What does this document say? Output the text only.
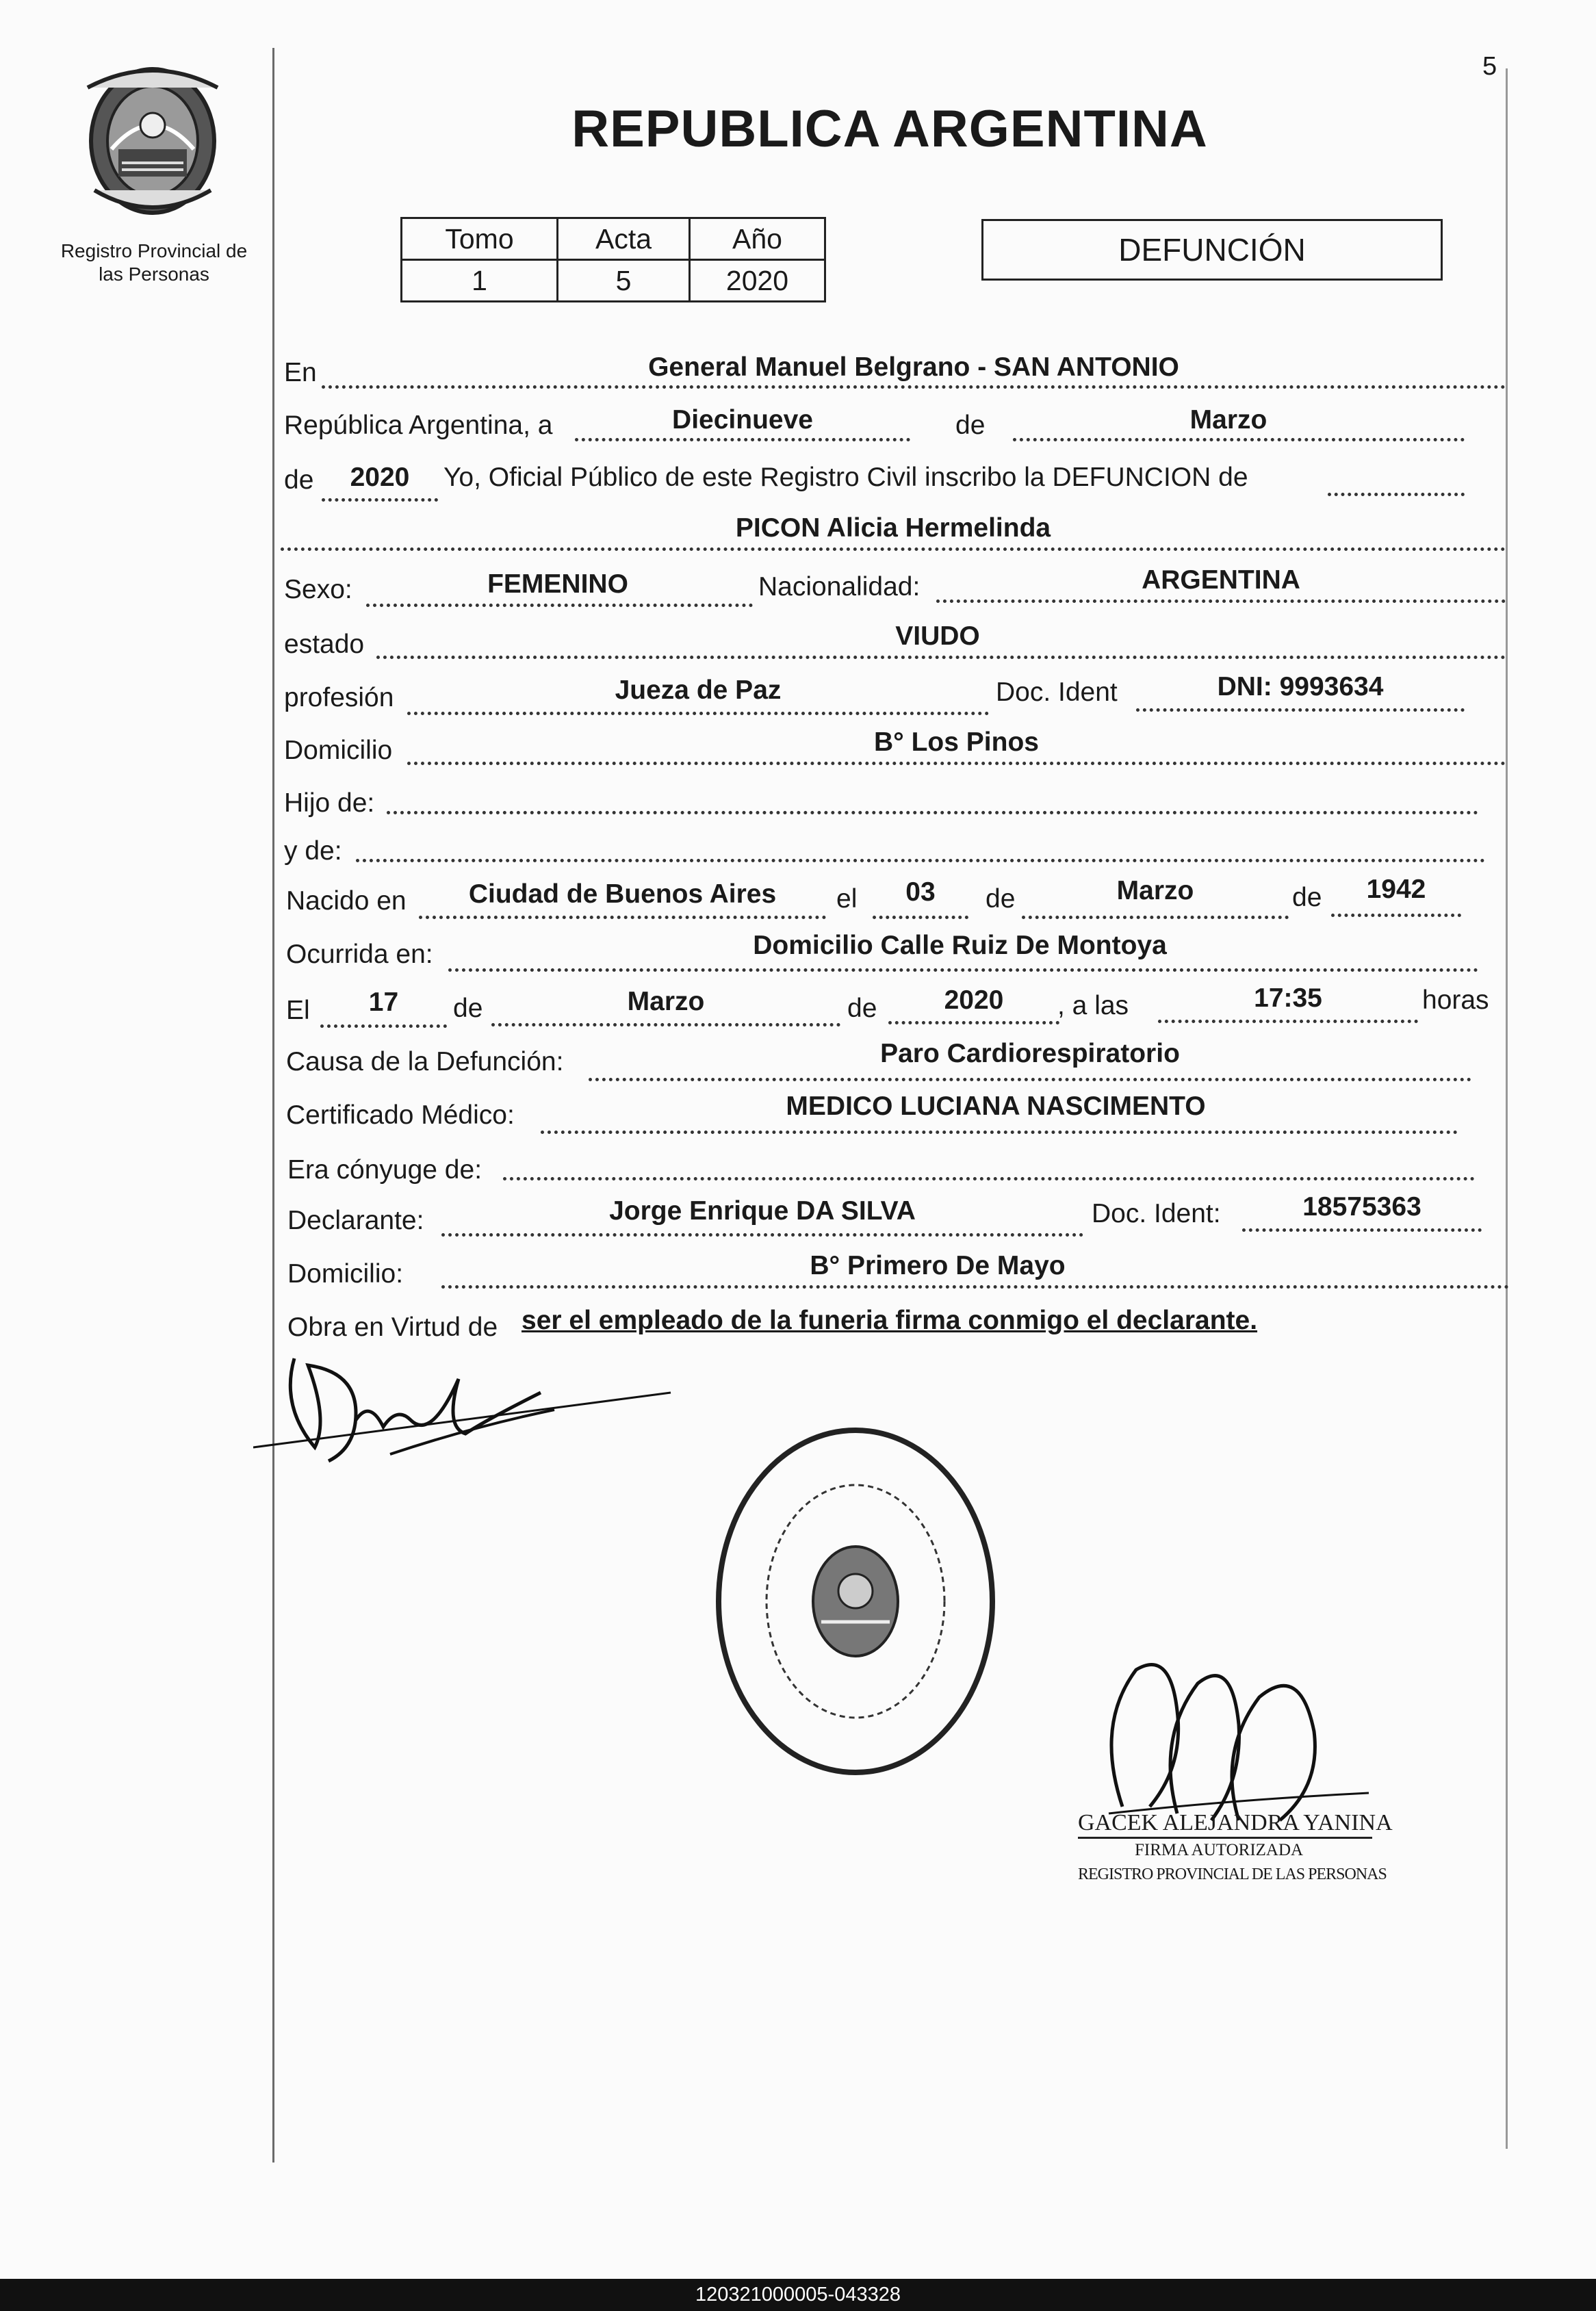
5
Registro Provincial de
las Personas
REPUBLICA ARGENTINA
Tomo	Acta	Año
1	5	2020
DEFUNCIÓN
En	General Manuel Belgrano - SAN ANTONIO
República Argentina, a	Diecinueve	de	Marzo
de	2020	Yo, Oficial Público de este Registro Civil inscribo la DEFUNCION de
PICON Alicia Hermelinda
Sexo:	FEMENINO	Nacionalidad:	ARGENTINA
estado	VIUDO
profesión	Jueza de Paz	Doc. Ident	DNI: 9993634
Domicilio	B° Los Pinos
Hijo de:
y de:
Nacido en	Ciudad de Buenos Aires	el	03	de	Marzo	de	1942
Ocurrida en:	Domicilio Calle Ruiz De Montoya
El	17	de	Marzo	de	2020	, a las	17:35	horas
Causa de la Defunción:	Paro Cardiorespiratorio
Certificado Médico:	MEDICO LUCIANA NASCIMENTO
Era cónyuge de:
Declarante:	Jorge Enrique DA SILVA	Doc. Ident:	18575363
Domicilio:	B° Primero De Mayo
Obra en Virtud de ser el empleado de la funeria firma conmigo el declarante.
GACEK ALEJANDRA YANINA
FIRMA AUTORIZADA
REGISTRO PROVINCIAL DE LAS PERSONAS
120321000005-043328
